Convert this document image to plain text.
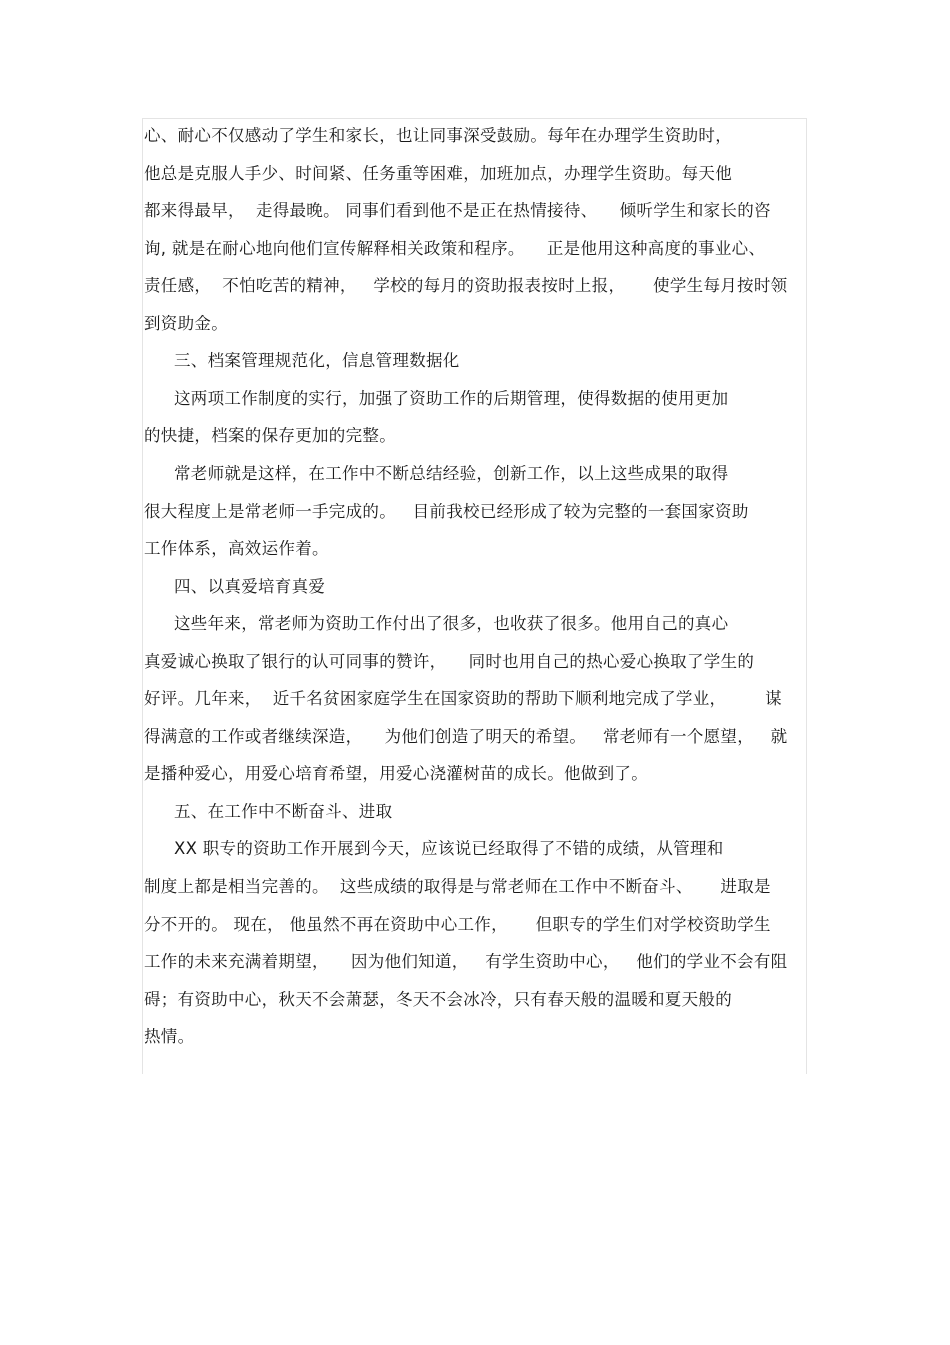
心、耐心不仅感动了学生和家长，也让同事深受鼓励。每年在办理学生资助时，
他总是克服人手少、时间紧、任务重等困难，加班加点，办理学生资助。每天他
都来得最早，  走得最晚。 同事们看到他不是正在热情接待、    倾听学生和家长的咨
询, 就是在耐心地向他们宣传解释相关政策和程序。    正是他用这种高度的事业心、
责任感，  不怕吃苦的精神，   学校的每月的资助报表按时上报，     使学生每月按时领
到资助金。
三、档案管理规范化，信息管理数据化
这两项工作制度的实行，加强了资助工作的后期管理，使得数据的使用更加
的快捷，档案的保存更加的完整。
常老师就是这样，在工作中不断总结经验，创新工作，以上这些成果的取得
很大程度上是常老师一手完成的。   目前我校已经形成了较为完整的一套国家资助
工作体系，高效运作着。
四、以真爱培育真爱
这些年来，常老师为资助工作付出了很多，也收获了很多。他用自己的真心
真爱诚心换取了银行的认可同事的赞许，    同时也用自己的热心爱心换取了学生的
好评。几年来，  近千名贫困家庭学生在国家资助的帮助下顺利地完成了学业，       谋
得满意的工作或者继续深造，    为他们创造了明天的希望。   常老师有一个愿望，   就
是播种爱心，用爱心培育希望，用爱心浇灌树苗的成长。他做到了。
五、在工作中不断奋斗、进取
XX 职专的资助工作开展到今天，应该说已经取得了不错的成绩，从管理和
制度上都是相当完善的。  这些成绩的取得是与常老师在工作中不断奋斗、     进取是
分不开的。 现在， 他虽然不再在资助中心工作，     但职专的学生们对学校资助学生
工作的未来充满着期望，    因为他们知道，   有学生资助中心，   他们的学业不会有阻
碍；有资助中心，秋天不会萧瑟，冬天不会冰冷，只有春天般的温暖和夏天般的
热情。
